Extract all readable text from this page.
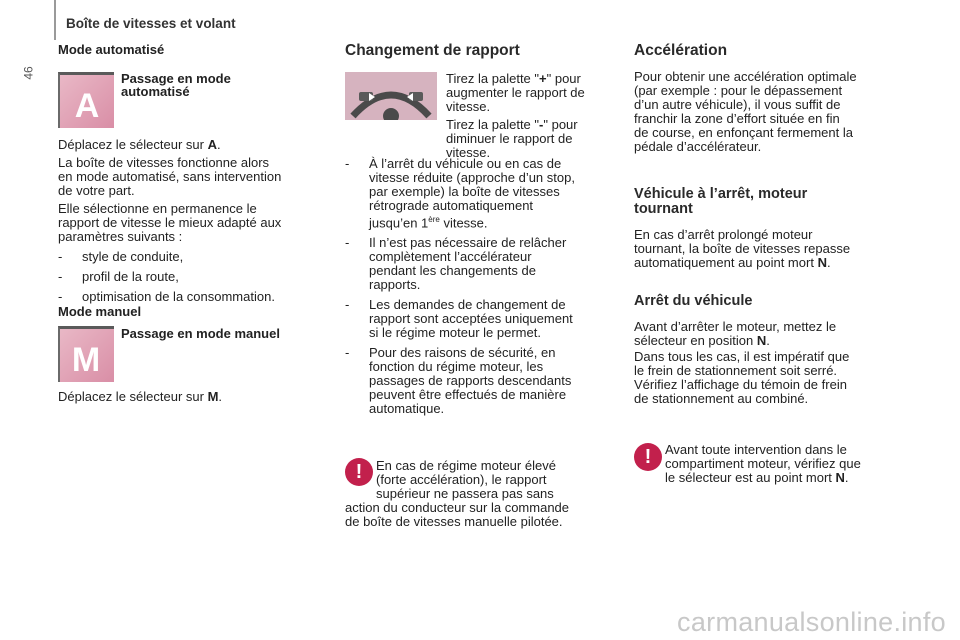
Boîte de vitesses et volant
46
Mode automatisé
A
Passage en mode
automatisé

Déplacez le sélecteur sur A.

La boîte de vitesses fonctionne alors
en mode automatisé, sans intervention
de votre part.

Elle sélectionne en permanence le
rapport de vitesse le mieux adapté aux
paramètres suivants :

- style de conduite,
- profil de la route,
- optimisation de la consommation.
Mode manuel
M
Passage en mode manuel

Déplacez le sélecteur sur M.

Changement de rapport

Tirez la palette "+" pour
augmenter le rapport de
vitesse.

Tirez la palette "-" pour
diminuer le rapport de
vitesse.

- À l’arrêt du véhicule ou en cas de
vitesse réduite (approche d’un stop,
par exemple) la boîte de vitesses
rétrograde automatiquement
jusqu’en 1ère vitesse.
- Il n’est pas nécessaire de relâcher
complètement l’accélérateur
pendant les changements de
rapports.
- Les demandes de changement de
rapport sont acceptées uniquement
si le régime moteur le permet.
- Pour des raisons de sécurité, en
fonction du régime moteur, les
passages de rapports descendants
peuvent être effectués de manière
automatique.
!	En cas de régime moteur élevé
(forte accélération), le rapport
supérieur ne passera pas sans
action du conducteur sur la commande
de boîte de vitesses manuelle pilotée.

Accélération

Pour obtenir une accélération optimale
(par exemple : pour le dépassement
d’un autre véhicule), il vous suffit de
franchir la zone d’effort située en fin
de course, en enfonçant fermement la
pédale d’accélérateur.

Véhicule à l’arrêt, moteur
tournant

En cas d’arrêt prolongé moteur
tournant, la boîte de vitesses repasse
automatiquement au point mort N.

Arrêt du véhicule

Avant d’arrêter le moteur, mettez le
sélecteur en position N.

Dans tous les cas, il est impératif que
le frein de stationnement soit serré.
Vérifiez l’affichage du témoin de frein
de stationnement au combiné.

!	Avant toute intervention dans le
compartiment moteur, vérifiez que
le sélecteur est au point mort N.

carmanualsonline.info
